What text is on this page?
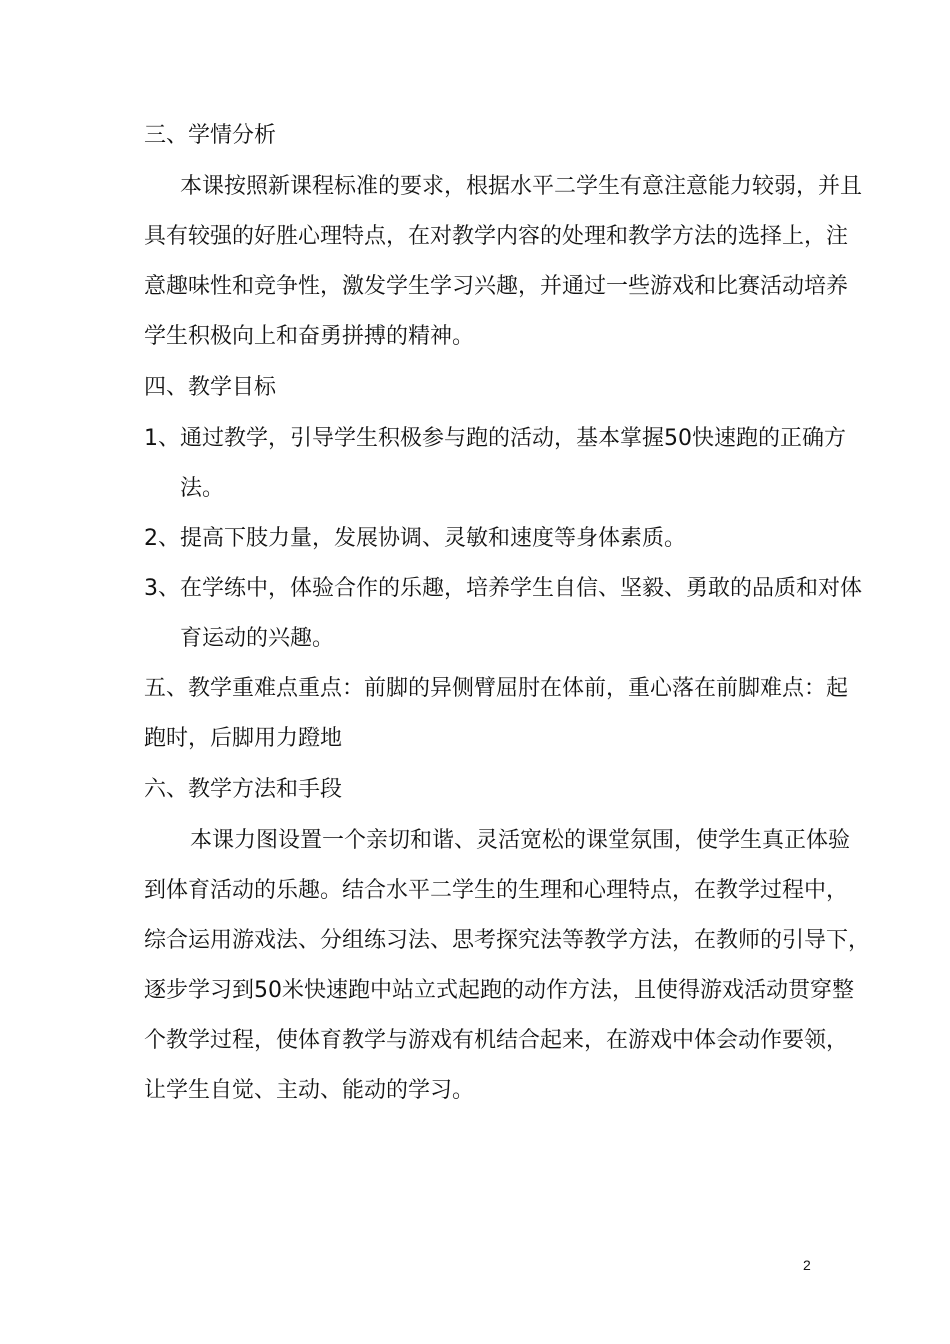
三、学情分析
本课按照新课程标准的要求，根据水平二学生有意注意能力较弱，并且
具有较强的好胜心理特点，在对教学内容的处理和教学方法的选择上，注
意趣味性和竞争性，激发学生学习兴趣，并通过一些游戏和比赛活动培养
学生积极向上和奋勇拼搏的精神。
四、教学目标
1、通过教学，引导学生积极参与跑的活动，基本掌握50快速跑的正确方
法。
2、提高下肢力量，发展协调、灵敏和速度等身体素质。
3、在学练中，体验合作的乐趣，培养学生自信、坚毅、勇敢的品质和对体
育运动的兴趣。
五、教学重难点重点：前脚的异侧臂屈肘在体前，重心落在前脚难点：起
跑时，后脚用力蹬地
六、教学方法和手段
本课力图设置一个亲切和谐、灵活宽松的课堂氛围，使学生真正体验
到体育活动的乐趣。结合水平二学生的生理和心理特点，在教学过程中，
综合运用游戏法、分组练习法、思考探究法等教学方法，在教师的引导下，
逐步学习到50米快速跑中站立式起跑的动作方法，且使得游戏活动贯穿整
个教学过程，使体育教学与游戏有机结合起来，在游戏中体会动作要领，
让学生自觉、主动、能动的学习。
2
